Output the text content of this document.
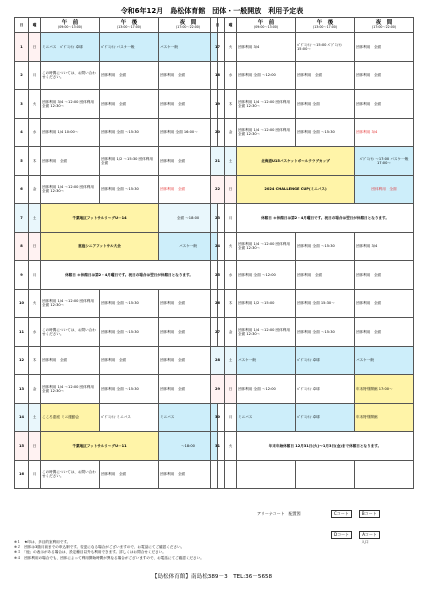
令和6年12月　島松体育館　団体・一般開放　利用予定表
日	曜	午　前
(09:00～13:00)	午　後
(13:00～17:00)	夜　間
(17:00～22:00)

1	日	ミニバス　ﾊﾞﾄﾞﾐﾝﾄﾝ 卓球	ﾊﾞﾄﾞﾐﾝﾄﾝ バスケ一般	バスケ一般
2	月	この時間については、お問い合わせください。	団体利用　全面	団体利用　全面
3	火	団体利用 3/4 ～12:00 団体利用 全面 12:30～	団体利用　全面	団体利用　全面
4	水	団体利用 1/4 10:00～	団体利用 全面 ～15:30	団体利用 全面 16:00～
5	木	団体利用　全面	団体利用 1/2 ～15:30 団体利用 全面	団体利用　全面
6	金	団体利用 1/4 ～12:00 団体利用 全面 12:30～	団体利用 全面 ～15:30	団体利用　全面
7	土	千葉地区フットサルリーグU－14		全面 ～18:00
8	日	恵庭シニアフットサル大会		バスケ一般
9	月	休館日 ＊休館日は第2・4月曜日です。祝日の場合は翌日が休館日となります。		
10	火	団体利用 1/4 ～12:00 団体利用 全面 12:30～	団体利用 全面 ～15:30	団体利用　全面
11	水	この時間については、お問い合わせください。	団体利用 全面 ～15:30	団体利用　全面
12	木	団体利用　全面	団体利用　全面	団体利用　全面
13	金	団体利用 1/4 ～12:00 団体利用 全面 12:30～	団体利用 全面 ～15:30	団体利用　全面
14	土	こころ恵庭 ミニ運動会	ﾊﾞﾄﾞﾐﾝﾄﾝ ミニバス	ミニバス
15	日	千葉地区フットサルリーグU－11		～18:00
16	月	この時間については、お問い合わせください。	団体利用　全面	団体利用　全面
日	曜	午　前
(09:00～13:00)	午　後
(13:00～17:00)	夜　間
(17:00～22:00)

17	火	団体利用 3/4	ﾊﾞﾄﾞﾐﾝﾄﾝ ～15:00 ﾊﾞﾄﾞﾐﾝﾄﾝ 15:00～	団体利用　全面
18	水	団体利用 全面 ～12:00	団体利用　全面	団体利用　全面
19	木	団体利用 1/4 ～12:00 団体利用 全面 12:30～	団体利用 全面	団体利用　全面
20	金	団体利用 1/4 ～12:00 団体利用 全面 12:30～	団体利用 全面 ～15:30	団体利用 3/4
21	土	北海道U15バスケットボールクラブカップ		ﾊﾞﾄﾞﾐﾝﾄﾝ ～17:00 バスケ一般 17:00～
22	日	2024 CHALLENGE CUP(ミニバス)		団体利用　全面
23	月	休館日 ＊休館日は第2・4月曜日です。祝日の場合は翌日が休館日となります。		
24	火	団体利用 1/4 ～12:00 団体利用 全面 12:30～	団体利用 全面 ～15:30	団体利用 3/4
25	水	団体利用 全面 ～12:00	団体利用　全面	団体利用　全面
26	木	団体利用 1/2 ～15:00	団体利用 全面 15:30～	団体利用　全面
27	金	団体利用 1/4 ～12:00 団体利用 全面 12:30～	団体利用 全面 ～15:30	団体利用　全面
28	土	バスケ一般	ﾊﾞﾄﾞﾐﾝﾄﾝ 卓球	バスケ一般
29	日	団体利用 全面 ～12:00	ﾊﾞﾄﾞﾐﾝﾄﾝ 卓球	年末特別開館 17:00～
30	月	ミニバス	ﾊﾞﾄﾞﾐﾝﾄﾝ 卓球	年末特別開館
31	火	年末年始休館日 12月31日(火)～1月3日(金)まで休館日となります。		

アリーナコート　配置図	Cコート	Bコート
Dコート	Aコート
入口
※１　★印は、多目的室利用です。
※２　団体は3箇月前までの申込制です。変更になる場合がございますので、お電話にてご確認ください。
※３　「他」の表示がある場合は、設定種目以外も利用できます。詳しくはお問合せください。
※４　団体利用の場合でも、団体によって利用開始時間が異なる場合がございますので、お電話にてご確認ください。
【島松体育館】南島松389－3　TEL:36－5658
